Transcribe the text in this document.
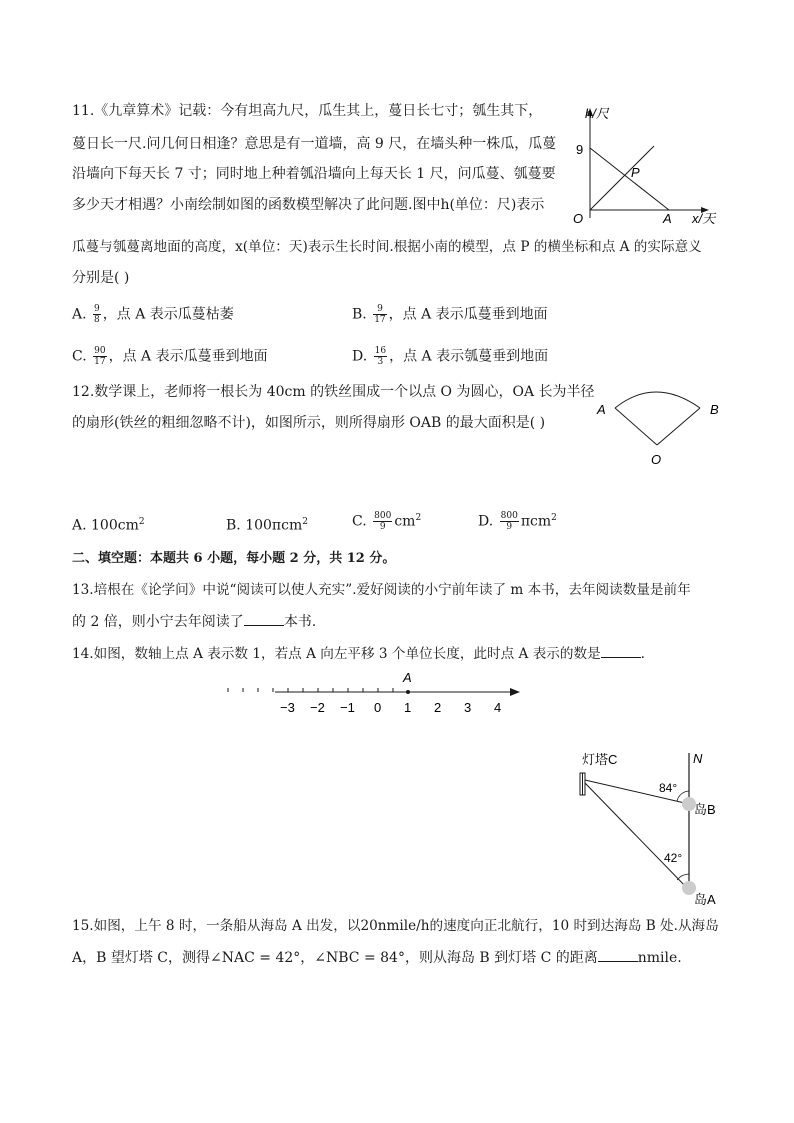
11.《九章算术》记载：今有坦高九尺，瓜生其上，蔓日长七寸；瓠生其下，
蔓日长一尺.问几何日相逢？意思是有一道墙，高 9 尺，在墙头种一株瓜，瓜蔓
沿墙向下每天长 7 寸；同时地上种着瓠沿墙向上每天长 1 尺，问瓜蔓、瓠蔓要
多少天才相遇？小南绘制如图的函数模型解决了此问题.图中h(单位：尺)表示
瓜蔓与瓠蔓离地面的高度，x(单位：天)表示生长时间.根据小南的模型，点 P 的横坐标和点 A 的实际意义
分别是( )
A. $\frac{9}{8}$ ，点 A 表示瓜蔓枯萎	B. $\frac{9}{17}$ ，点 A 表示瓜蔓垂到地面
C. $\frac{90}{17}$ ，点 A 表示瓜蔓垂到地面	D. $\frac{16}{3}$ ，点 A 表示瓠蔓垂到地面
h/尺
9
O	A
P
x/天
12.数学课上，老师将一根长为 40cm 的铁丝围成一个以点 O 为圆心，OA 长为半径
的扇形(铁丝的粗细忽略不计)，如图所示，则所得扇形 OAB 的最大面积是( )
A	B
O
A. $100cm^2$	B. 100πcm$^2$	C. $\frac{800}{9} cm^2$	D. $\frac{800}{9} \pi cm^2$
二、填空题：本题共 6 小题，每小题 2 分，共 12 分。
13.培根在《论学问》中说“阅读可以使人充实”.爱好阅读的小宁前年读了 m 本书，去年阅读数量是前年
的 2 倍，则小宁去年阅读了	本书.
14.如图，数轴上点 A 表示数 1，若点 A 向左平移 3 个单位长度，此时点 A 表示的数是	.
−3 −2 −1 0 1 2 3 4
A
灯塔C	N
84°
42°
岛B
岛A
15.如图，上午 8 时，一条船从海岛 A 出发，以20nmile/h的速度向正北航行，10 时到达海岛 B 处.从海岛
A，B 望灯塔 C，测得∠NAC = 42°，∠NBC = 84°，则从海岛 B 到灯塔 C 的距离	nmile.
